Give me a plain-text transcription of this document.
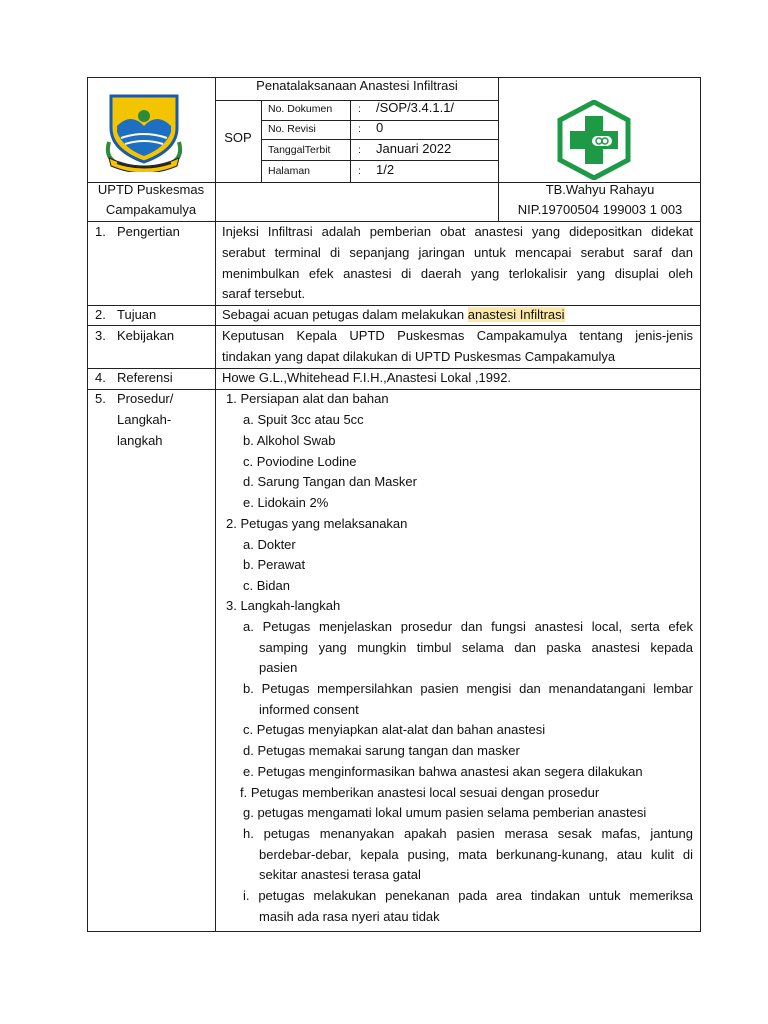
Penatalaksanaan Anastesi Infiltrasi
SOP
No. Dokumen : /SOP/3.4.1.1/
No. Revisi	: 0
TanggalTerbit	: Januari 2022
Halaman	: 1/2
UPTD Puskesmas
Campakamulya
TB.Wahyu Rahayu
NIP.19700504 199003 1 003
1. Pengertian	Injeksi Infiltrasi adalah pemberian obat anastesi yang didepositkan didekat
serabut terminal di sepanjang jaringan untuk mencapai serabut saraf dan
menimbulkan efek anastesi di daerah yang terlokalisir yang disuplai oleh
saraf tersebut.
2. Tujuan	Sebagai acuan petugas dalam melakukan anastesi Infiltrasi
3. Kebijakan	Keputusan Kepala UPTD Puskesmas Campakamulya tentang jenis-jenis
tindakan yang dapat dilakukan di UPTD Puskesmas Campakamulya
4. Referensi	Howe G.L.,Whitehead F.I.H.,Anastesi Lokal ,1992.
5. Prosedur/
Langkah-
langkah
1. Persiapan alat dan bahan
a. Spuit 3cc atau 5cc
b. Alkohol Swab
c. Poviodine Lodine
d. Sarung Tangan dan Masker
e. Lidokain 2%
2. Petugas yang melaksanakan
a. Dokter
b. Perawat
c. Bidan
3. Langkah-langkah
a. Petugas menjelaskan prosedur dan fungsi anastesi local, serta efek
samping yang mungkin timbul selama dan paska anastesi kepada
pasien
b. Petugas mempersilahkan pasien mengisi dan menandatangani lembar
informed consent
c. Petugas menyiapkan alat-alat dan bahan anastesi
d. Petugas memakai sarung tangan dan masker
e. Petugas menginformasikan bahwa anastesi akan segera dilakukan
f. Petugas memberikan anastesi local sesuai dengan prosedur
g. petugas mengamati lokal umum pasien selama pemberian anastesi
h. petugas menanyakan apakah pasien merasa sesak mafas, jantung
berdebar-debar, kepala pusing, mata berkunang-kunang, atau kulit di
sekitar anastesi terasa gatal
i. petugas melakukan penekanan pada area tindakan untuk memeriksa
masih ada rasa nyeri atau tidak
